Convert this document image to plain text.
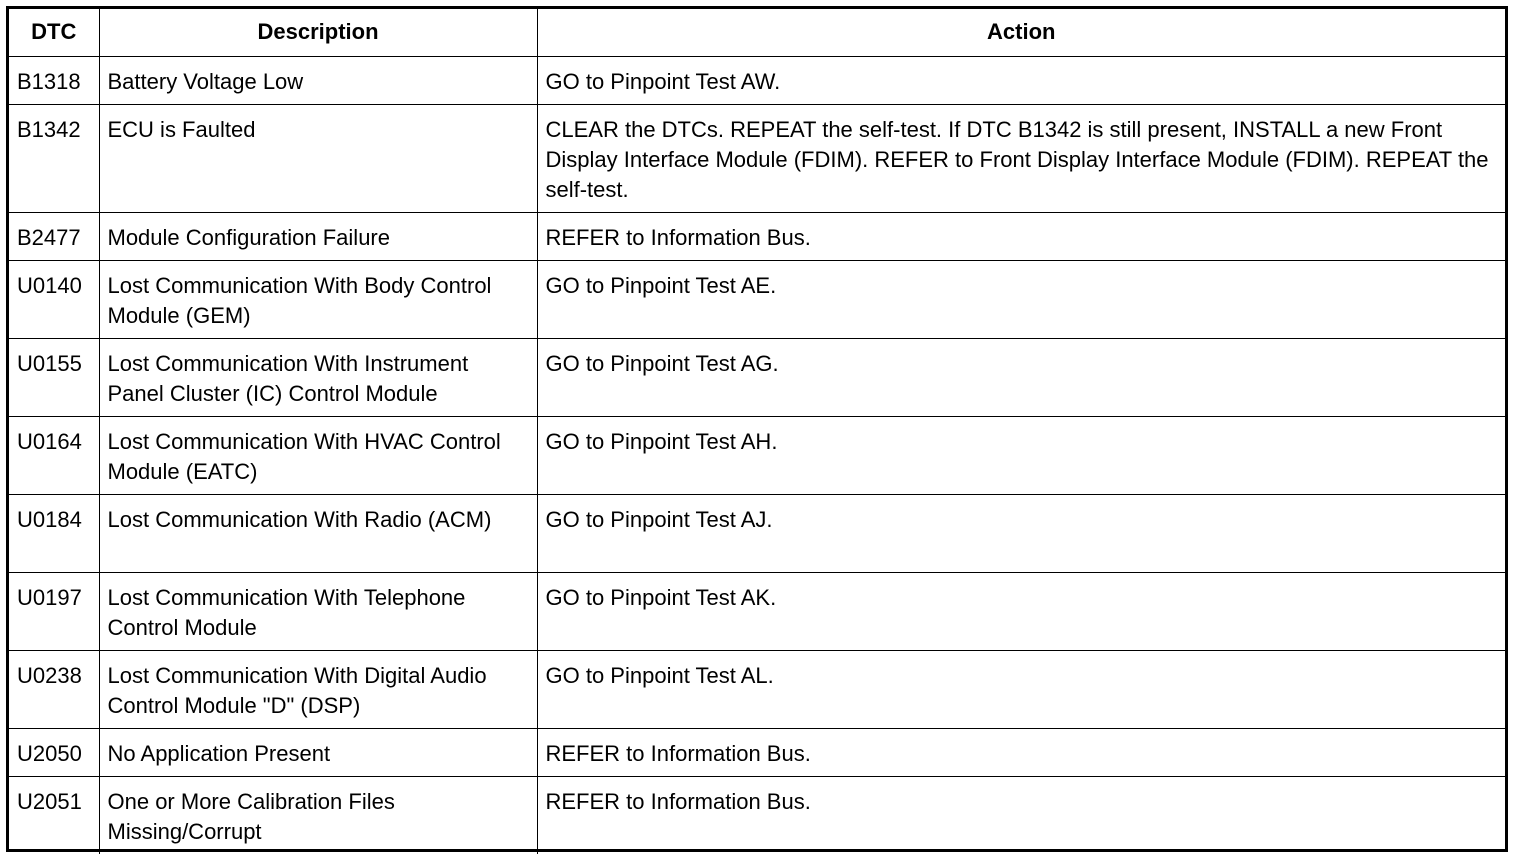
DTC	Description	Action
B1318	Battery Voltage Low	GO to Pinpoint Test AW.
B1342	ECU is Faulted	CLEAR the DTCs. REPEAT the self-test. If DTC B1342 is still present, INSTALL a new Front Display Interface Module (FDIM). REFER to Front Display Interface Module (FDIM). REPEAT the self-test.
B2477	Module Configuration Failure	REFER to Information Bus.
U0140	Lost Communication With Body Control Module (GEM)	GO to Pinpoint Test AE.
U0155	Lost Communication With Instrument Panel Cluster (IC) Control Module	GO to Pinpoint Test AG.
U0164	Lost Communication With HVAC Control Module (EATC)	GO to Pinpoint Test AH.
U0184	Lost Communication With Radio (ACM)	GO to Pinpoint Test AJ.
U0197	Lost Communication With Telephone Control Module	GO to Pinpoint Test AK.
U0238	Lost Communication With Digital Audio Control Module "D" (DSP)	GO to Pinpoint Test AL.
U2050	No Application Present	REFER to Information Bus.
U2051	One or More Calibration Files Missing/Corrupt	REFER to Information Bus.
